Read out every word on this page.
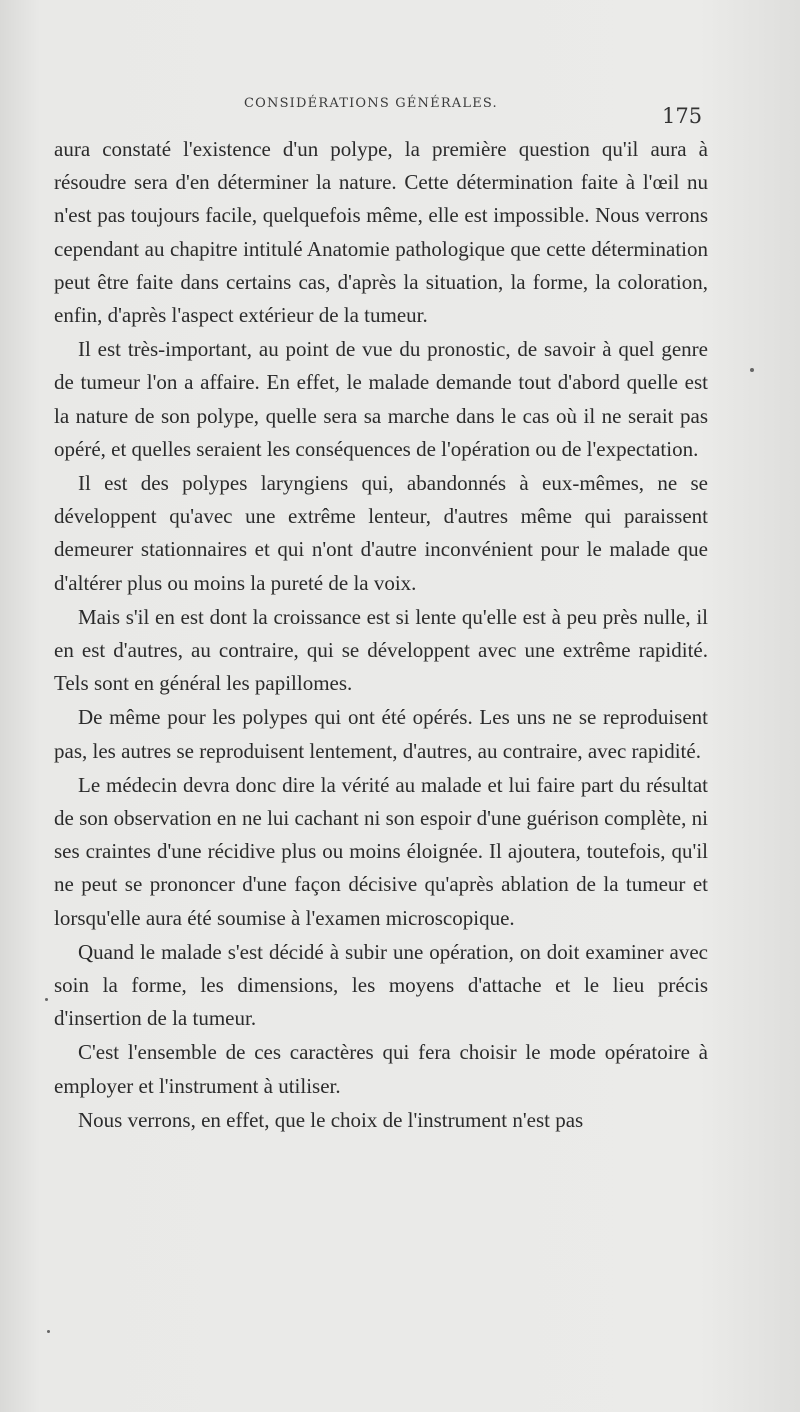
CONSIDÉRATIONS GÉNÉRALES.
175

aura constaté l'existence d'un polype, la première question qu'il aura à résoudre sera d'en déterminer la nature. Cette détermination faite à l'œil nu n'est pas toujours facile, quelquefois même, elle est impossible. Nous verrons cependant au chapitre intitulé Anatomie pathologique que cette détermination peut être faite dans certains cas, d'après la situation, la forme, la coloration, enfin, d'après l'aspect extérieur de la tumeur.

Il est très-important, au point de vue du pronostic, de savoir à quel genre de tumeur l'on a affaire. En effet, le malade demande tout d'abord quelle est la nature de son polype, quelle sera sa marche dans le cas où il ne serait pas opéré, et quelles seraient les conséquences de l'opération ou de l'expectation.

Il est des polypes laryngiens qui, abandonnés à eux-mêmes, ne se développent qu'avec une extrême lenteur, d'autres même qui paraissent demeurer stationnaires et qui n'ont d'autre inconvénient pour le malade que d'altérer plus ou moins la pureté de la voix.

Mais s'il en est dont la croissance est si lente qu'elle est à peu près nulle, il en est d'autres, au contraire, qui se développent avec une extrême rapidité. Tels sont en général les papillomes.

De même pour les polypes qui ont été opérés. Les uns ne se reproduisent pas, les autres se reproduisent lentement, d'autres, au contraire, avec rapidité.

Le médecin devra donc dire la vérité au malade et lui faire part du résultat de son observation en ne lui cachant ni son espoir d'une guérison complète, ni ses craintes d'une récidive plus ou moins éloignée. Il ajoutera, toutefois, qu'il ne peut se prononcer d'une façon décisive qu'après ablation de la tumeur et lorsqu'elle aura été soumise à l'examen microscopique.

Quand le malade s'est décidé à subir une opération, on doit examiner avec soin la forme, les dimensions, les moyens d'attache et le lieu précis d'insertion de la tumeur.

C'est l'ensemble de ces caractères qui fera choisir le mode opératoire à employer et l'instrument à utiliser.

Nous verrons, en effet, que le choix de l'instrument n'est pas
